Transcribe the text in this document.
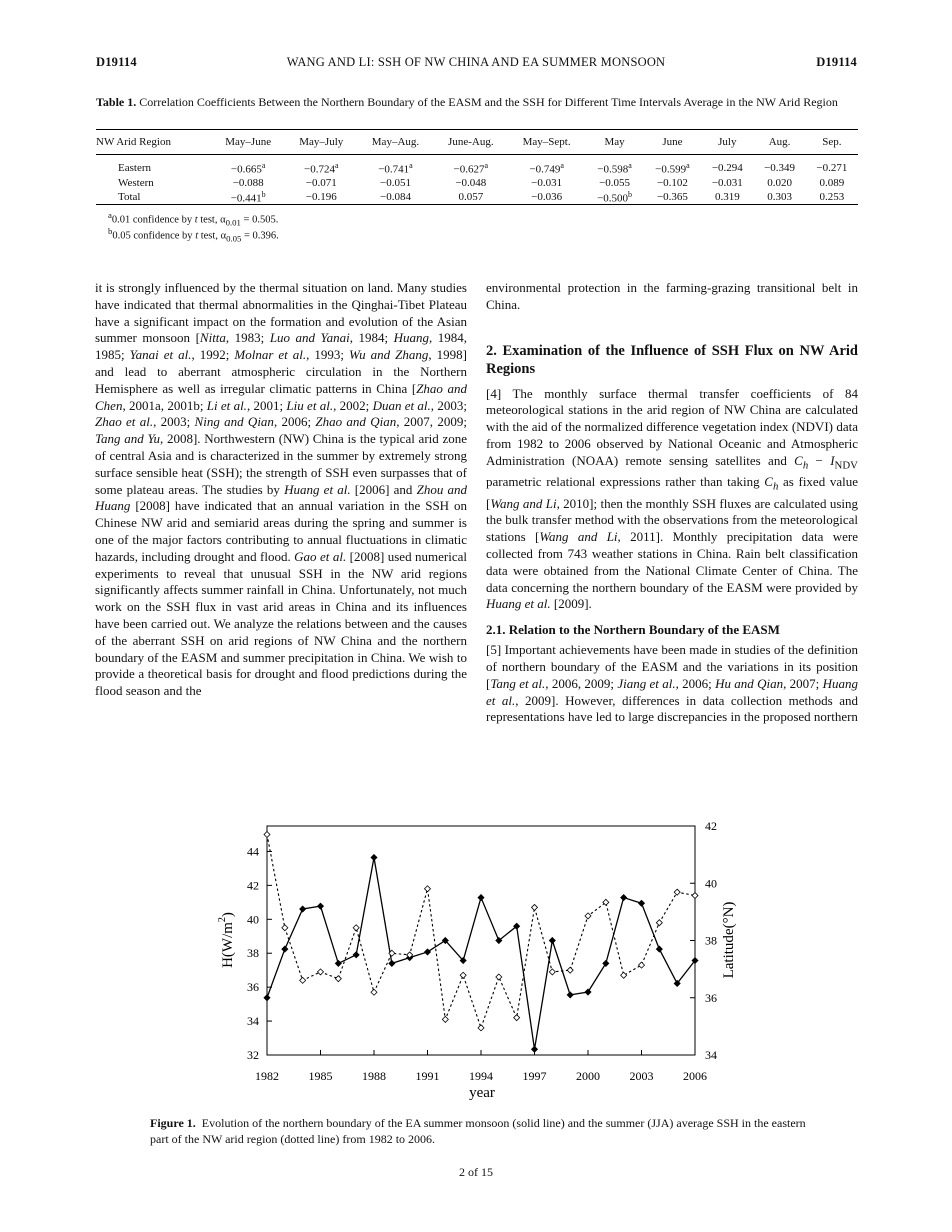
D19114	WANG AND LI: SSH OF NW CHINA AND EA SUMMER MONSOON	D19114
Table 1. Correlation Coefficients Between the Northern Boundary of the EASM and the SSH for Different Time Intervals Average in the NW Arid Region
NW Arid Region	May–June	May–July	May–Aug.	June-Aug.	May–Sept.	May	June	July	Aug.	Sep.

Eastern	−0.665$^a$	−0.724$^a$	−0.741$^a$	−0.627$^a$	−0.749$^a$	−0.598$^a$	−0.599$^a$	−0.294	−0.349	−0.271
Western	−0.088	−0.071	−0.051	−0.048	−0.031	−0.055	−0.102	−0.031	0.020	0.089
Total	−0.441$^b$	−0.196	−0.084	0.057	−0.036	−0.500$^b$	−0.365	0.319	0.303	0.253
$^a$0.01 confidence by t test, $\alpha_{0.01} = 0.505$.
$^b$0.05 confidence by t test, $\alpha_{0.05} = 0.396$.

it is strongly influenced by the thermal situation on land. Many studies have indicated that thermal abnormalities in the Qinghai-Tibet Plateau have a significant impact on the formation and evolution of the Asian summer monsoon [Nitta, 1983; Luo and Yanai, 1984; Huang, 1984, 1985; Yanai et al., 1992; Molnar et al., 1993; Wu and Zhang, 1998] and lead to aberrant atmospheric circulation in the Northern Hemisphere as well as irregular climatic patterns in China [Zhao and Chen, 2001a, 2001b; Li et al., 2001; Liu et al., 2002; Duan et al., 2003; Zhao et al., 2003; Ning and Qian, 2006; Zhao and Qian, 2007, 2009; Tang and Yu, 2008]. Northwestern (NW) China is the typical arid zone of central Asia and is characterized in the summer by extremely strong surface sensible heat (SSH); the strength of SSH even surpasses that of some plateau areas. The studies by Huang et al. [2006] and Zhou and Huang [2008] have indicated that an annual variation in the SSH on Chinese NW arid and semiarid areas during the spring and summer is one of the major factors contributing to annual fluctuations in climatic hazards, including drought and flood. Gao et al. [2008] used numerical experiments to reveal that unusual SSH in the NW arid regions significantly affects summer rainfall in China. Unfortunately, not much work on the SSH flux in vast arid areas in China and its influences have been carried out. We analyze the relations between and the causes of the aberrant SSH on arid regions of NW China and the northern boundary of the EASM and summer precipitation in China. We wish to provide a theoretical basis for drought and flood predictions during the flood season and the

environmental protection in the farming-grazing transitional belt in China.

2. Examination of the Influence of SSH Flux on NW Arid Regions

[4] The monthly surface thermal transfer coefficients of 84 meteorological stations in the arid region of NW China are calculated with the aid of the normalized difference vegetation index (NDVI) data from 1982 to 2006 observed by National Oceanic and Atmospheric Administration (NOAA) remote sensing satellites and $C_h - I_{NDV}$ parametric relational expressions rather than taking $C_h$ as fixed value [Wang and Li, 2010]; then the monthly SSH fluxes are calculated using the bulk transfer method with the observations from the meteorological stations [Wang and Li, 2011]. Monthly precipitation data were collected from 743 weather stations in China. Rain belt classification data were obtained from the National Climate Center of China. The data concerning the northern boundary of the EASM were provided by Huang et al. [2009].

2.1. Relation to the Northern Boundary of the EASM

[5] Important achievements have been made in studies of the definition of northern boundary of the EASM and the variations in its position [Tang et al., 2006, 2009; Jiang et al., 2006; Hu and Qian, 2007; Huang et al., 2009]. However, differences in data collection methods and representations have led to large discrepancies in the proposed northern

32
34
36
38
40
42
44
34
36
38
40
42
1982 1985 1988 1991 1994 1997 2000 2003 2006
year
$H(W/m^2)$	Latitude(°N)
Figure 1. Evolution of the northern boundary of the EA summer monsoon (solid line) and the summer (JJA) average SSH in the eastern part of the NW arid region (dotted line) from 1982 to 2006.
2 of 15
